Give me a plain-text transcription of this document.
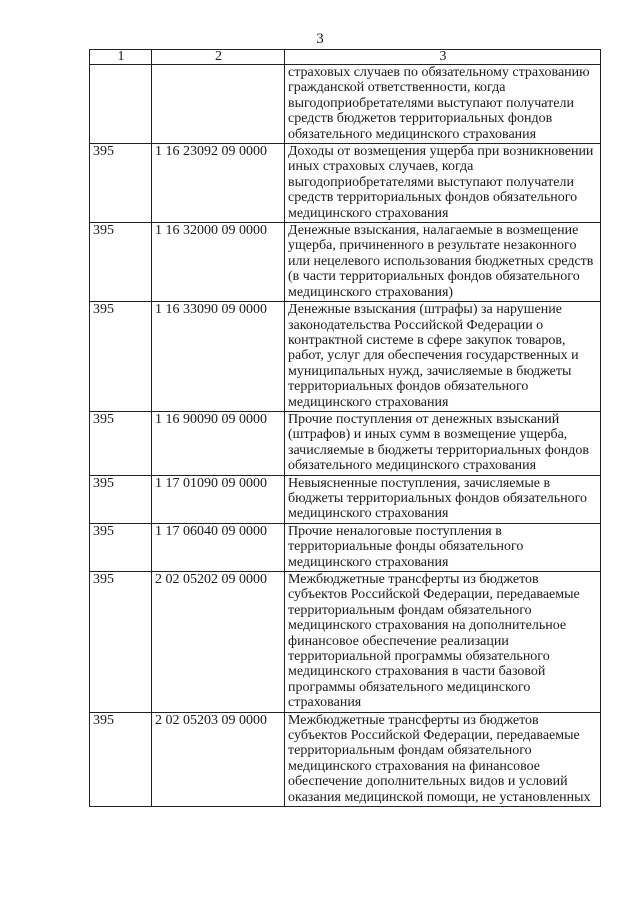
3
1	2	3
		страховых случаев по обязательному страхованию гражданской ответственности, когда выгодоприобретателями выступают получатели средств бюджетов территориальных фондов обязательного медицинского страхования
395	1 16 23092 09 0000	Доходы от возмещения ущерба при возникновении иных страховых случаев, когда выгодоприобретателями выступают получатели средств территориальных фондов обязательного медицинского страхования
395	1 16 32000 09 0000	Денежные взыскания, налагаемые в возмещение ущерба, причиненного в результате незаконного или нецелевого использования бюджетных средств (в части территориальных фондов обязательного медицинского страхования)
395	1 16 33090 09 0000	Денежные взыскания (штрафы) за нарушение законодательства Российской Федерации о контрактной системе в сфере закупок товаров, работ, услуг для обеспечения государственных и муниципальных нужд, зачисляемые в бюджеты территориальных фондов обязательного медицинского страхования
395	1 16 90090 09 0000	Прочие поступления от денежных взысканий (штрафов) и иных сумм в возмещение ущерба, зачисляемые в бюджеты территориальных фондов обязательного медицинского страхования
395	1 17 01090 09 0000	Невыясненные поступления, зачисляемые в бюджеты территориальных фондов обязательного медицинского страхования
395	1 17 06040 09 0000	Прочие неналоговые поступления в территориальные фонды обязательного медицинского страхования
395	2 02 05202 09 0000	Межбюджетные трансферты из бюджетов субъектов Российской Федерации, передаваемые территориальным фондам обязательного медицинского страхования на дополнительное финансовое обеспечение реализации территориальной программы обязательного медицинского страхования в части базовой программы обязательного медицинского страхования
395	2 02 05203 09 0000	Межбюджетные трансферты из бюджетов субъектов Российской Федерации, передаваемые территориальным фондам обязательного медицинского страхования на финансовое обеспечение дополнительных видов и условий оказания медицинской помощи, не установленных
